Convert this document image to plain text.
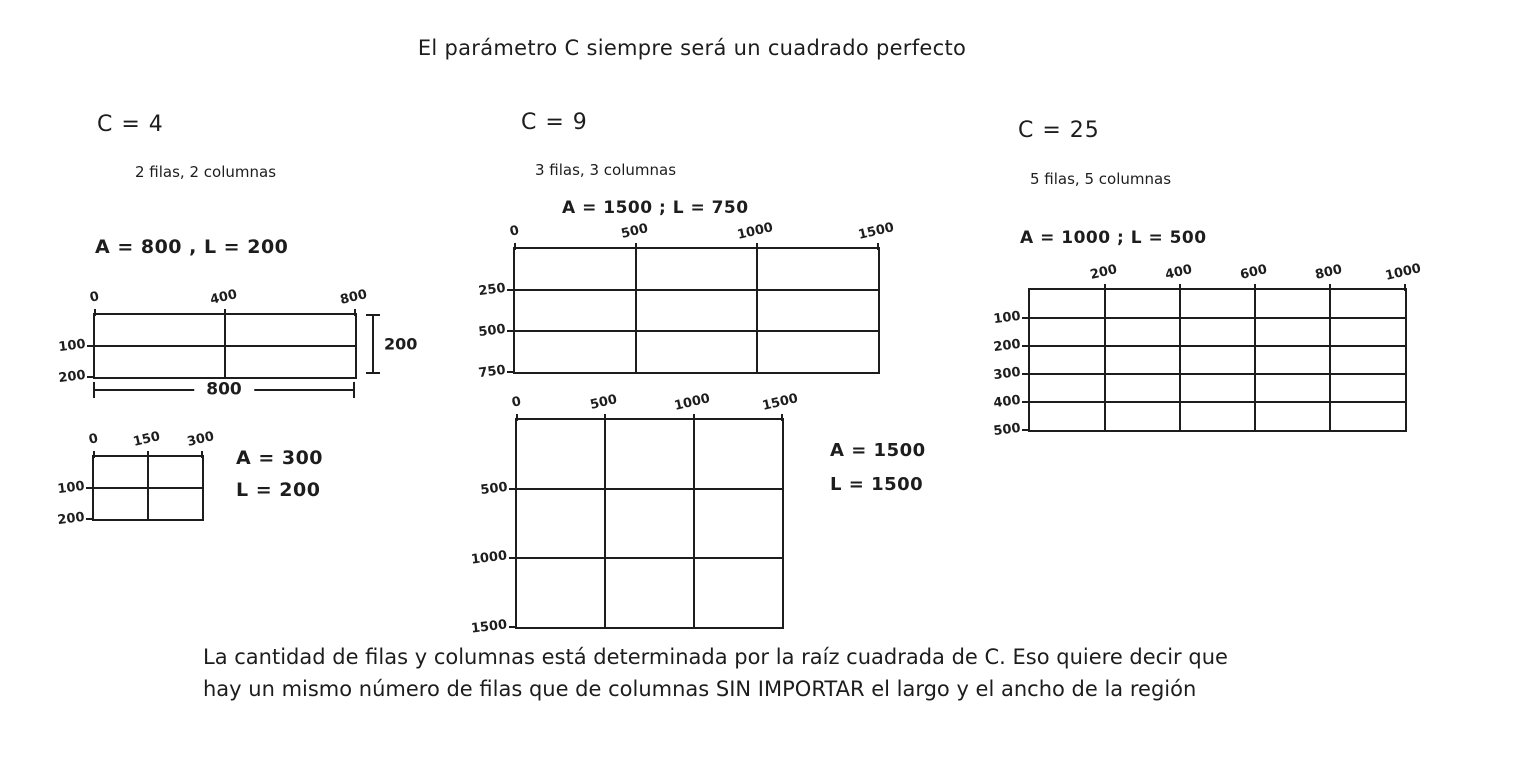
El parámetro C siempre será un cuadrado perfecto
C = 4
2 filas, 2 columnas
A = 800 , L = 200
0	400	800
100
200
200
800
0 150 300
100
200
A = 300
L = 200
C = 9
3 filas, 3 columnas
A = 1500 ; L = 750
0	500	1000	1500
250
500
750
0	500	1000	1500
500
1000
1500
A = 1500
L = 1500
C = 25
5 filas, 5 columnas
A = 1000 ; L = 500
200	400	600	800	1000
100
200
300
400
500
La cantidad de filas y columnas está determinada por la raíz cuadrada de C. Eso quiere decir que
hay un mismo número de filas que de columnas SIN IMPORTAR el largo y el ancho de la región
